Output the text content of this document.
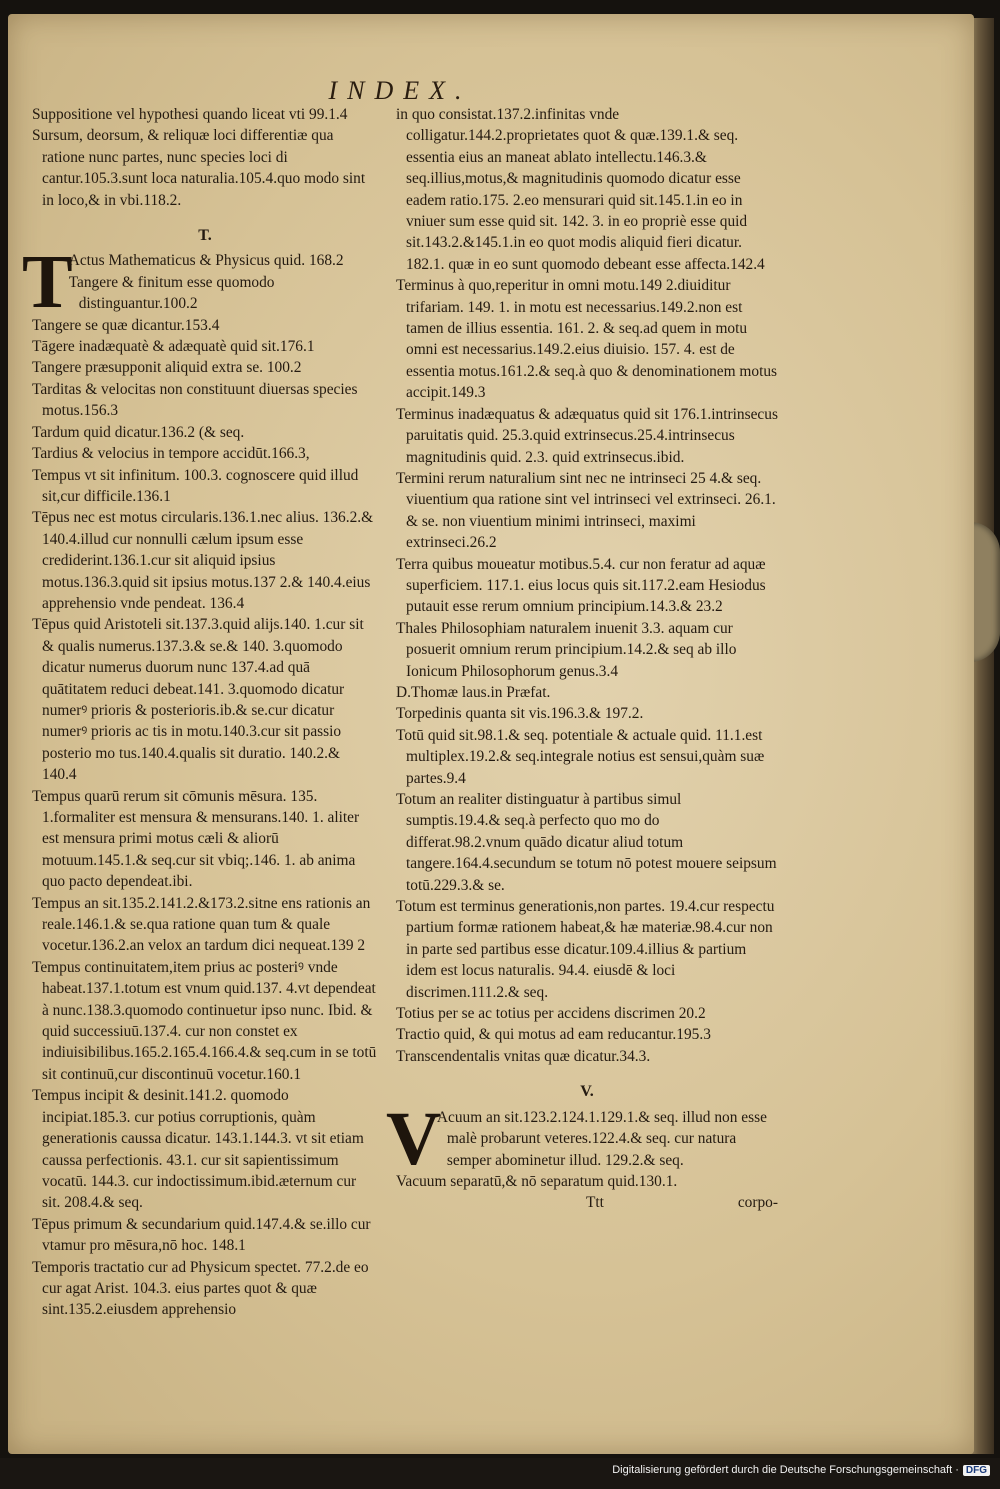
INDEX.

Suppositione vel hypothesi quando liceat vti 99.1.4

Sursum, deorsum, & reliquæ loci differentiæ qua ratione nunc partes, nunc species loci di cantur.105.3.sunt loca naturalia.105.4.quo modo sint in loco,& in vbi.118.2.

T.
T

Actus Mathematicus & Physicus quid. 168.2

Tangere & finitum esse quomodo distinguantur.100.2

Tangere se quæ dicantur.153.4

Tāgere inadæquatè & adæquatè quid sit.176.1

Tangere præsupponit aliquid extra se. 100.2

Tarditas & velocitas non constituunt diuersas species motus.156.3

Tardum quid dicatur.136.2 (& seq.

Tardius & velocius in tempore accidūt.166.3,

Tempus vt sit infinitum. 100.3. cognoscere quid illud sit,cur difficile.136.1

Tēpus nec est motus circularis.136.1.nec alius. 136.2.& 140.4.illud cur nonnulli cælum ipsum esse crediderint.136.1.cur sit aliquid ipsius motus.136.3.quid sit ipsius motus.137 2.& 140.4.eius apprehensio vnde pendeat. 136.4

Tēpus quid Aristoteli sit.137.3.quid alijs.140. 1.cur sit & qualis numerus.137.3.& se.& 140. 3.quomodo dicatur numerus duorum nunc 137.4.ad quā quātitatem reduci debeat.141. 3.quomodo dicatur numerꝰ prioris & posterioris.ib.& se.cur dicatur numerꝰ prioris ac tis in motu.140.3.cur sit passio posterio mo tus.140.4.qualis sit duratio. 140.2.& 140.4

Tempus quarū rerum sit cōmunis mēsura. 135. 1.formaliter est mensura & mensurans.140. 1. aliter est mensura primi motus cæli & aliorū motuum.145.1.& seq.cur sit vbiq;.146. 1. ab anima quo pacto dependeat.ibi.

Tempus an sit.135.2.141.2.&173.2.sitne ens rationis an reale.146.1.& se.qua ratione quan tum & quale vocetur.136.2.an velox an tardum dici nequeat.139 2

Tempus continuitatem,item prius ac posteriꝰ vnde habeat.137.1.totum est vnum quid.137. 4.vt dependeat à nunc.138.3.quomodo continuetur ipso nunc. Ibid. & quid successiuū.137.4. cur non constet ex indiuisibilibus.165.2.165.4.166.4.& seq.cum in se totū sit continuū,cur discontinuū vocetur.160.1

Tempus incipit & desinit.141.2. quomodo incipiat.185.3. cur potius corruptionis, quàm generationis caussa dicatur. 143.1.144.3. vt sit etiam caussa perfectionis. 43.1. cur sit sapientissimum vocatū. 144.3. cur indoctissimum.ibid.æternum cur sit. 208.4.& seq.

Tēpus primum & secundarium quid.147.4.& se.illo cur vtamur pro mēsura,nō hoc. 148.1

Temporis tractatio cur ad Physicum spectet. 77.2.de eo cur agat Arist. 104.3. eius partes quot & quæ sint.135.2.eiusdem apprehensio

in quo consistat.137.2.infinitas vnde colligatur.144.2.proprietates quot & quæ.139.1.& seq. essentia eius an maneat ablato intellectu.146.3.& seq.illius,motus,& magnitudinis quomodo dicatur esse eadem ratio.175. 2.eo mensurari quid sit.145.1.in eo in vniuer sum esse quid sit. 142. 3. in eo propriè esse quid sit.143.2.&145.1.in eo quot modis aliquid fieri dicatur. 182.1. quæ in eo sunt quomodo debeant esse affecta.142.4

Terminus à quo,reperitur in omni motu.149 2.diuiditur trifariam. 149. 1. in motu est necessarius.149.2.non est tamen de illius essentia. 161. 2. & seq.ad quem in motu omni est necessarius.149.2.eius diuisio. 157. 4. est de essentia motus.161.2.& seq.à quo & denominationem motus accipit.149.3

Terminus inadæquatus & adæquatus quid sit 176.1.intrinsecus paruitatis quid. 25.3.quid extrinsecus.25.4.intrinsecus magnitudinis quid. 2.3. quid extrinsecus.ibid.

Termini rerum naturalium sint nec ne intrinseci 25 4.& seq. viuentium qua ratione sint vel intrinseci vel extrinseci. 26.1. & se. non viuentium minimi intrinseci, maximi extrinseci.26.2

Terra quibus moueatur motibus.5.4. cur non feratur ad aquæ superficiem. 117.1. eius locus quis sit.117.2.eam Hesiodus putauit esse rerum omnium principium.14.3.& 23.2

Thales Philosophiam naturalem inuenit 3.3. aquam cur posuerit omnium rerum principium.14.2.& seq ab illo Ionicum Philosophorum genus.3.4

D.Thomæ laus.in Præfat.

Torpedinis quanta sit vis.196.3.& 197.2.

Totū quid sit.98.1.& seq. potentiale & actuale quid. 11.1.est multiplex.19.2.& seq.integrale notius est sensui,quàm suæ partes.9.4

Totum an realiter distinguatur à partibus simul sumptis.19.4.& seq.à perfecto quo mo do differat.98.2.vnum quādo dicatur aliud totum tangere.164.4.secundum se totum nō potest mouere seipsum totū.229.3.& se.

Totum est terminus generationis,non partes. 19.4.cur respectu partium formæ rationem habeat,& hæ materiæ.98.4.cur non in parte sed partibus esse dicatur.109.4.illius & partium idem est locus naturalis. 94.4. eiusdē & loci discrimen.111.2.& seq.

Totius per se ac totius per accidens discrimen 20.2

Tractio quid, & qui motus ad eam reducantur.195.3

Transcendentalis vnitas quæ dicatur.34.3.

V.
V

Acuum an sit.123.2.124.1.129.1.& seq. illud non esse malè probarunt veteres.122.4.& seq. cur natura semper abominetur illud. 129.2.& seq.

Vacuum separatū,& nō separatum quid.130.1.

Ttt	corpo-
Digitalisierung gefördert durch die Deutsche Forschungsgemeinschaft · DFG
